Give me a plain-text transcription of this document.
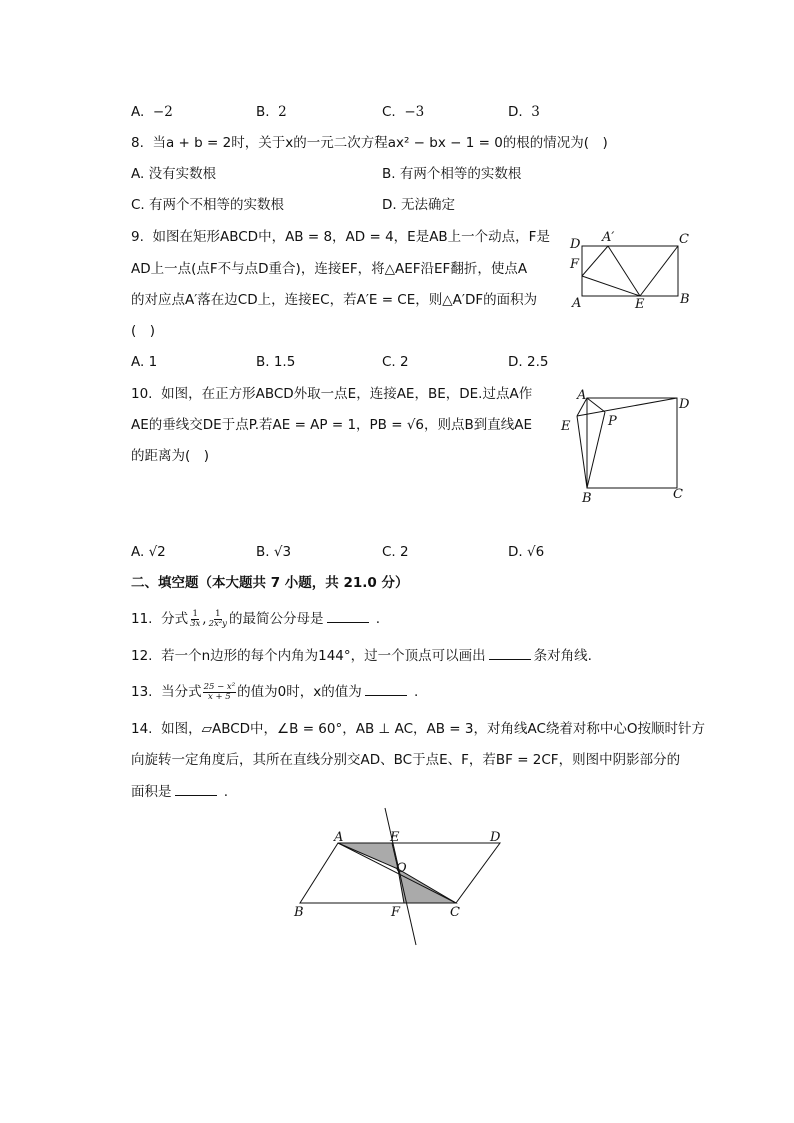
A. −2	B. 2	C. −3	D. 3
8. 当a + b = 2时，关于x的一元二次方程ax² − bx − 1 = 0的根的情况为(　)
A. 没有实数根	B. 有两个相等的实数根
C. 有两个不相等的实数根	D. 无法确定
9. 如图在矩形ABCD中，AB = 8，AD = 4，E是AB上一个动点，F是
AD上一点(点F不与点D重合)，连接EF，将△AEF沿EF翻折，使点A
的对应点A′落在边CD上，连接EC，若A′E = CE，则△A′DF的面积为
(　)
A. 1	B. 1.5	C. 2	D. 2.5
D A′	C
F
A	E	B
10. 如图，在正方形ABCD外取一点E，连接AE，BE，DE.过点A作
AE的垂线交DE于点P.若AE = AP = 1，PB = √6，则点B到直线AE
的距离为(　)
A. √2	B. √3	C. 2	D. √6
A
D
E	P
B	C
二、填空题（本大题共 7 小题，共 21.0 分）
11. 分式 $\frac{1}{3x}$ , $\frac{1}{\text{2x²y}}$ 的最简公分母是	.
12. 若一个n边形的每个内角为144°，过一个顶点可以画出	条对角线.
13. 当分式 $\frac{\text{25 − x²}}{x + 5}$ 的值为0时，x的值为	.
14. 如图，▱ABCD中，∠B = 60°，AB ⊥ AC，AB = 3，对角线AC绕着对称中心O按顺时针方
向旋转一定角度后，其所在直线分别交AD、BC于点E、F，若BF = 2CF，则图中阴影部分的
面积是	.
A	E	D
O
B	F	C
